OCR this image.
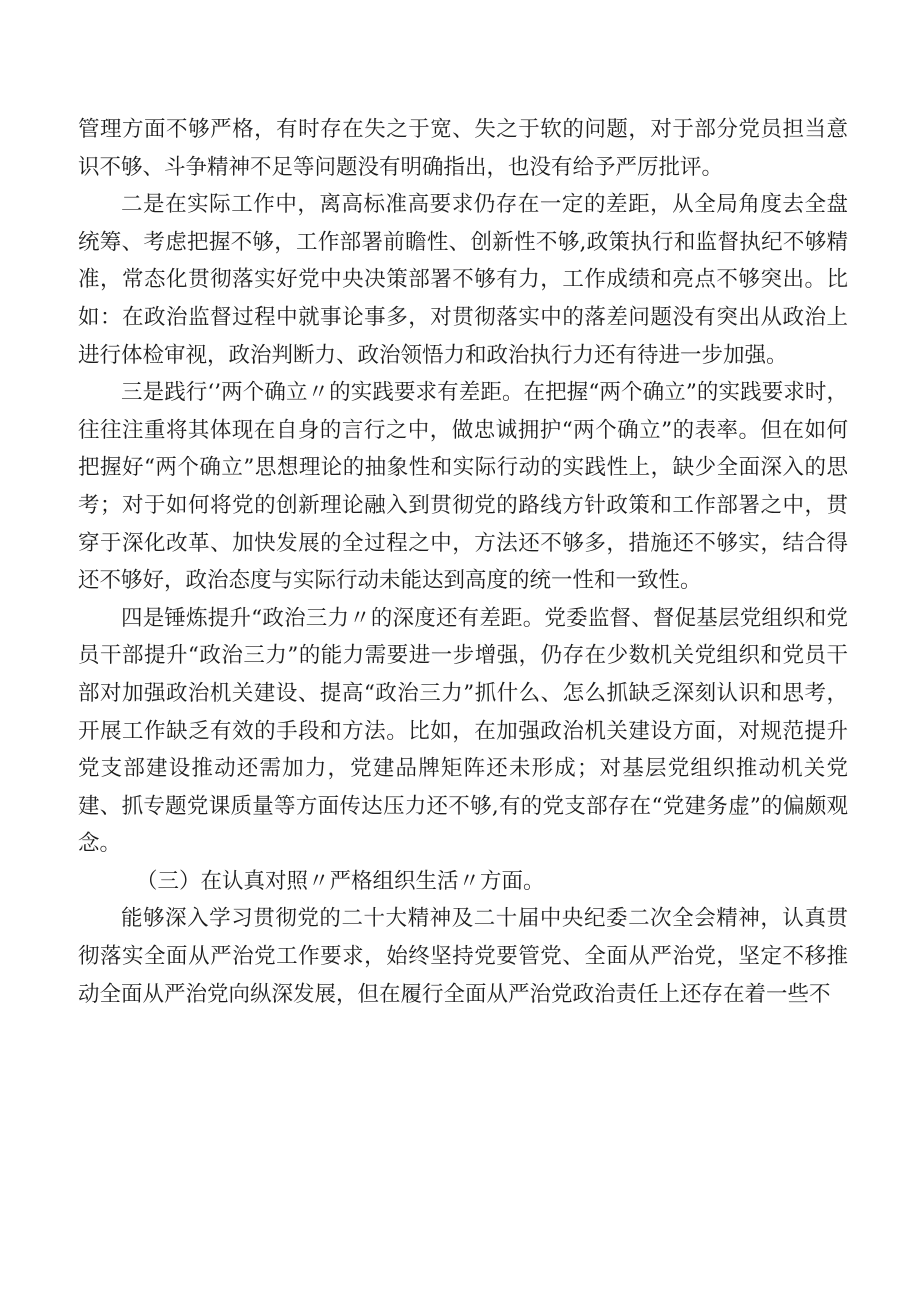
管理方面不够严格，有时存在失之于宽、失之于软的问题，对于部分党员担当意识不够、斗争精神不足等问题没有明确指出，也没有给予严厉批评。

二是在实际工作中，离高标准高要求仍存在一定的差距，从全局角度去全盘统筹、考虑把握不够，工作部署前瞻性、创新性不够,政策执行和监督执纪不够精准，常态化贯彻落实好党中央决策部署不够有力，工作成绩和亮点不够突出。比如：在政治监督过程中就事论事多，对贯彻落实中的落差问题没有突出从政治上进行体检审视，政治判断力、政治领悟力和政治执行力还有待进一步加强。

三是践行‘’两个确立〃的实践要求有差距。在把握“两个确立”的实践要求时，往往注重将其体现在自身的言行之中，做忠诚拥护“两个确立”的表率。但在如何把握好“两个确立”思想理论的抽象性和实际行动的实践性上，缺少全面深入的思考；对于如何将党的创新理论融入到贯彻党的路线方针政策和工作部署之中，贯穿于深化改革、加快发展的全过程之中，方法还不够多，措施还不够实，结合得还不够好，政治态度与实际行动未能达到高度的统一性和一致性。

四是锤炼提升“政治三力〃的深度还有差距。党委监督、督促基层党组织和党员干部提升“政治三力”的能力需要进一步增强，仍存在少数机关党组织和党员干部对加强政治机关建设、提高“政治三力”抓什么、怎么抓缺乏深刻认识和思考，开展工作缺乏有效的手段和方法。比如，在加强政治机关建设方面，对规范提升党支部建设推动还需加力，党建品牌矩阵还未形成；对基层党组织推动机关党建、抓专题党课质量等方面传达压力还不够,有的党支部存在“党建务虚”的偏颇观念。

（三）在认真对照〃严格组织生活〃方面。

能够深入学习贯彻党的二十大精神及二十届中央纪委二次全会精神，认真贯彻落实全面从严治党工作要求，始终坚持党要管党、全面从严治党，坚定不移推动全面从严治党向纵深发展，但在履行全面从严治党政治责任上还存在着一些不
